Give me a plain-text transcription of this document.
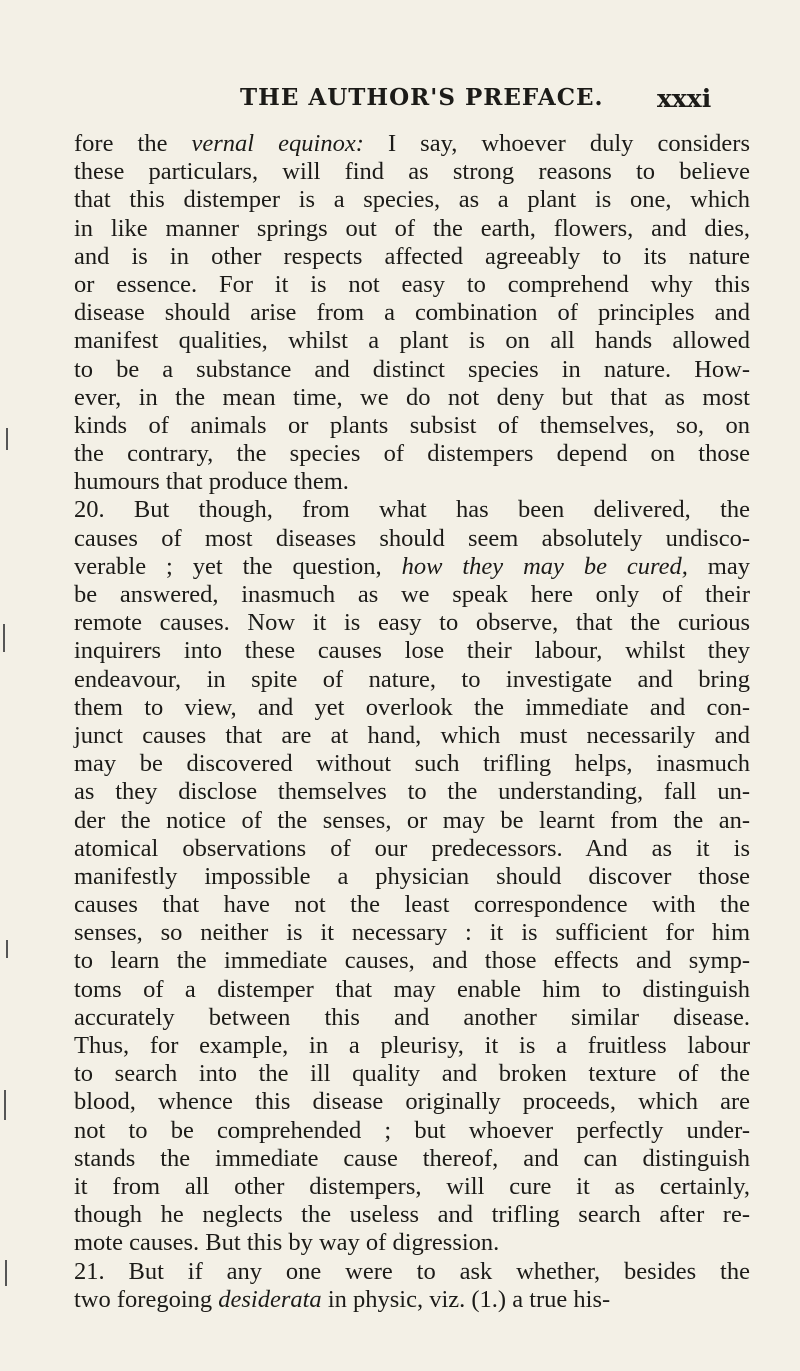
THE AUTHOR'S PREFACE. xxxi
fore the vernal equinox: I say, whoever duly considers
these particulars, will find as strong reasons to believe
that this distemper is a species, as a plant is one, which
in like manner springs out of the earth, flowers, and dies,
and is in other respects affected agreeably to its nature
or essence. For it is not easy to comprehend why this
disease should arise from a combination of principles and
manifest qualities, whilst a plant is on all hands allowed
to be a substance and distinct species in nature. How-
ever, in the mean time, we do not deny but that as most
kinds of animals or plants subsist of themselves, so, on
the contrary, the species of distempers depend on those
humours that produce them.
20. But though, from what has been delivered, the
causes of most diseases should seem absolutely undisco-
verable ; yet the question, how they may be cured, may
be answered, inasmuch as we speak here only of their
remote causes. Now it is easy to observe, that the curious
inquirers into these causes lose their labour, whilst they
endeavour, in spite of nature, to investigate and bring
them to view, and yet overlook the immediate and con-
junct causes that are at hand, which must necessarily and
may be discovered without such trifling helps, inasmuch
as they disclose themselves to the understanding, fall un-
der the notice of the senses, or may be learnt from the an-
atomical observations of our predecessors. And as it is
manifestly impossible a physician should discover those
causes that have not the least correspondence with the
senses, so neither is it necessary : it is sufficient for him
to learn the immediate causes, and those effects and symp-
toms of a distemper that may enable him to distinguish
accurately between this and another similar disease.
Thus, for example, in a pleurisy, it is a fruitless labour
to search into the ill quality and broken texture of the
blood, whence this disease originally proceeds, which are
not to be comprehended ; but whoever perfectly under-
stands the immediate cause thereof, and can distinguish
it from all other distempers, will cure it as certainly,
though he neglects the useless and trifling search after re-
mote causes. But this by way of digression.
21. But if any one were to ask whether, besides the
two foregoing desiderata in physic, viz. (1.) a true his-
